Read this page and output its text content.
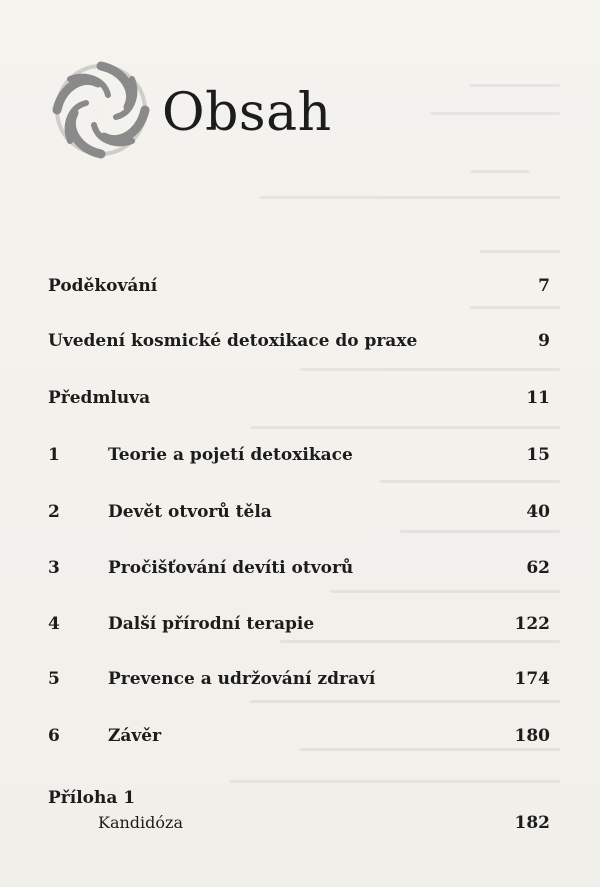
Obsah
Poděkování	7
Uvedení kosmické detoxikace do praxe	9
Předmluva	11
1	Teorie a pojetí detoxikace	15
2	Devět otvorů těla	40
3	Pročišťování devíti otvorů	62
4	Další přírodní terapie	122
5	Prevence a udržování zdraví	174
6	Závěr	180
Příloha 1
Kandidóza	182
